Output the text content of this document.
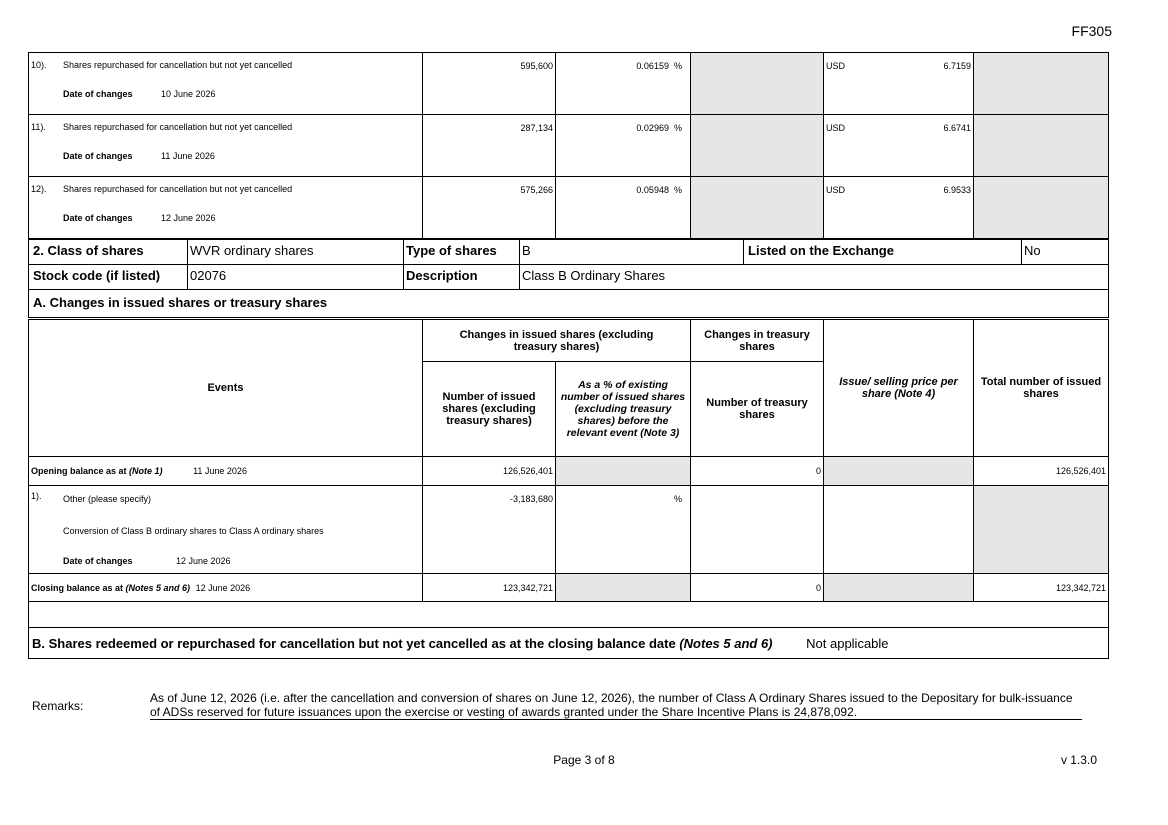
FF305
10). Shares repurchased for cancellation but not yet cancelled
Date of changes 10 June 2026	595,600	0.06159 %		USD 6.7159	

11). Shares repurchased for cancellation but not yet cancelled
Date of changes 11 June 2026	287,134	0.02969 %		USD 6.6741	

12). Shares repurchased for cancellation but not yet cancelled
Date of changes 12 June 2026	575,266	0.05948 %		USD 6.9533	

2. Class of shares	WVR ordinary shares	Type of shares	B	Listed on the Exchange	No
Stock code (if listed)	02076	Description	Class B Ordinary Shares		
A. Changes in issued shares or treasury shares					
Events	Changes in issued shares (excluding treasury shares)		Changes in treasury shares	Issue/ selling price per share (Note 4)	Total number of issued shares
	Number of issued shares (excluding treasury shares)	As a % of existing number of issued shares (excluding treasury shares) before the relevant event (Note 3)	Number of treasury shares		
Opening balance as at (Note 1) 11 June 2026	126,526,401		0		126,526,401

1). Other (please specify)
Conversion of Class B ordinary shares to Class A ordinary shares
Date of changes 12 June 2026	-3,183,680	%			
Closing balance as at (Notes 5 and 6) 12 June 2026	123,342,721		0		123,342,721

B. Shares redeemed or repurchased for cancellation but not yet cancelled as at the closing balance date (Notes 5 and 6) Not applicable					
Remarks:
As of June 12, 2026 (i.e. after the cancellation and conversion of shares on June 12, 2026), the number of Class A Ordinary Shares issued to the Depositary for bulk-issuance of ADSs reserved for future issuances upon the exercise or vesting of awards granted under the Share Incentive Plans is 24,878,092.
Page 3 of 8	v 1.3.0
